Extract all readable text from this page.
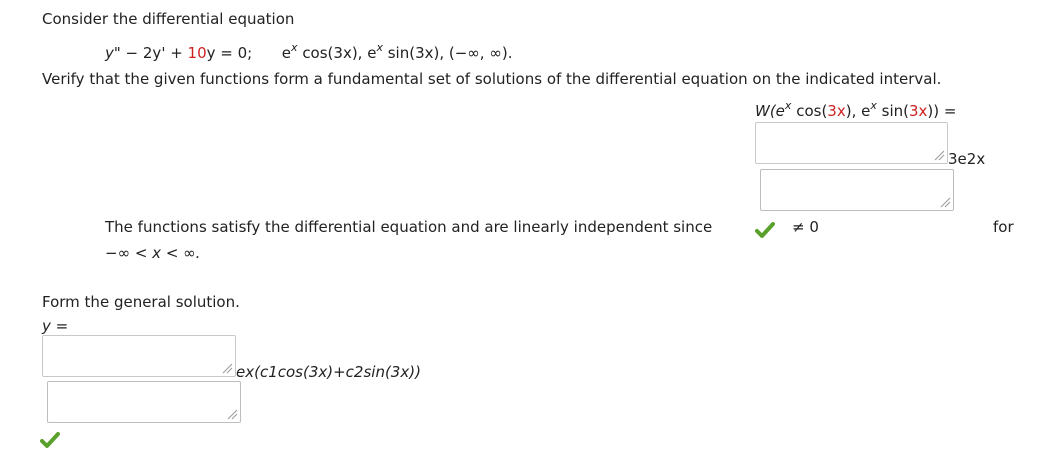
Consider the differential equation
y" − 2y' + 10y = 0; $e^x$ cos(3x), $e^x$ sin(3x), (−∞, ∞).
Verify that the given functions form a fundamental set of solutions of the differential equation on the indicated interval.
$W(e^x$ cos(3x), $e^x$ sin(3x)) =
3e2x
The functions satisfy the differential equation and are linearly independent since	≠ 0	for
−∞ < x < ∞.
Form the general solution.
y =
ex(c1cos(3x)+c2sin(3x))
